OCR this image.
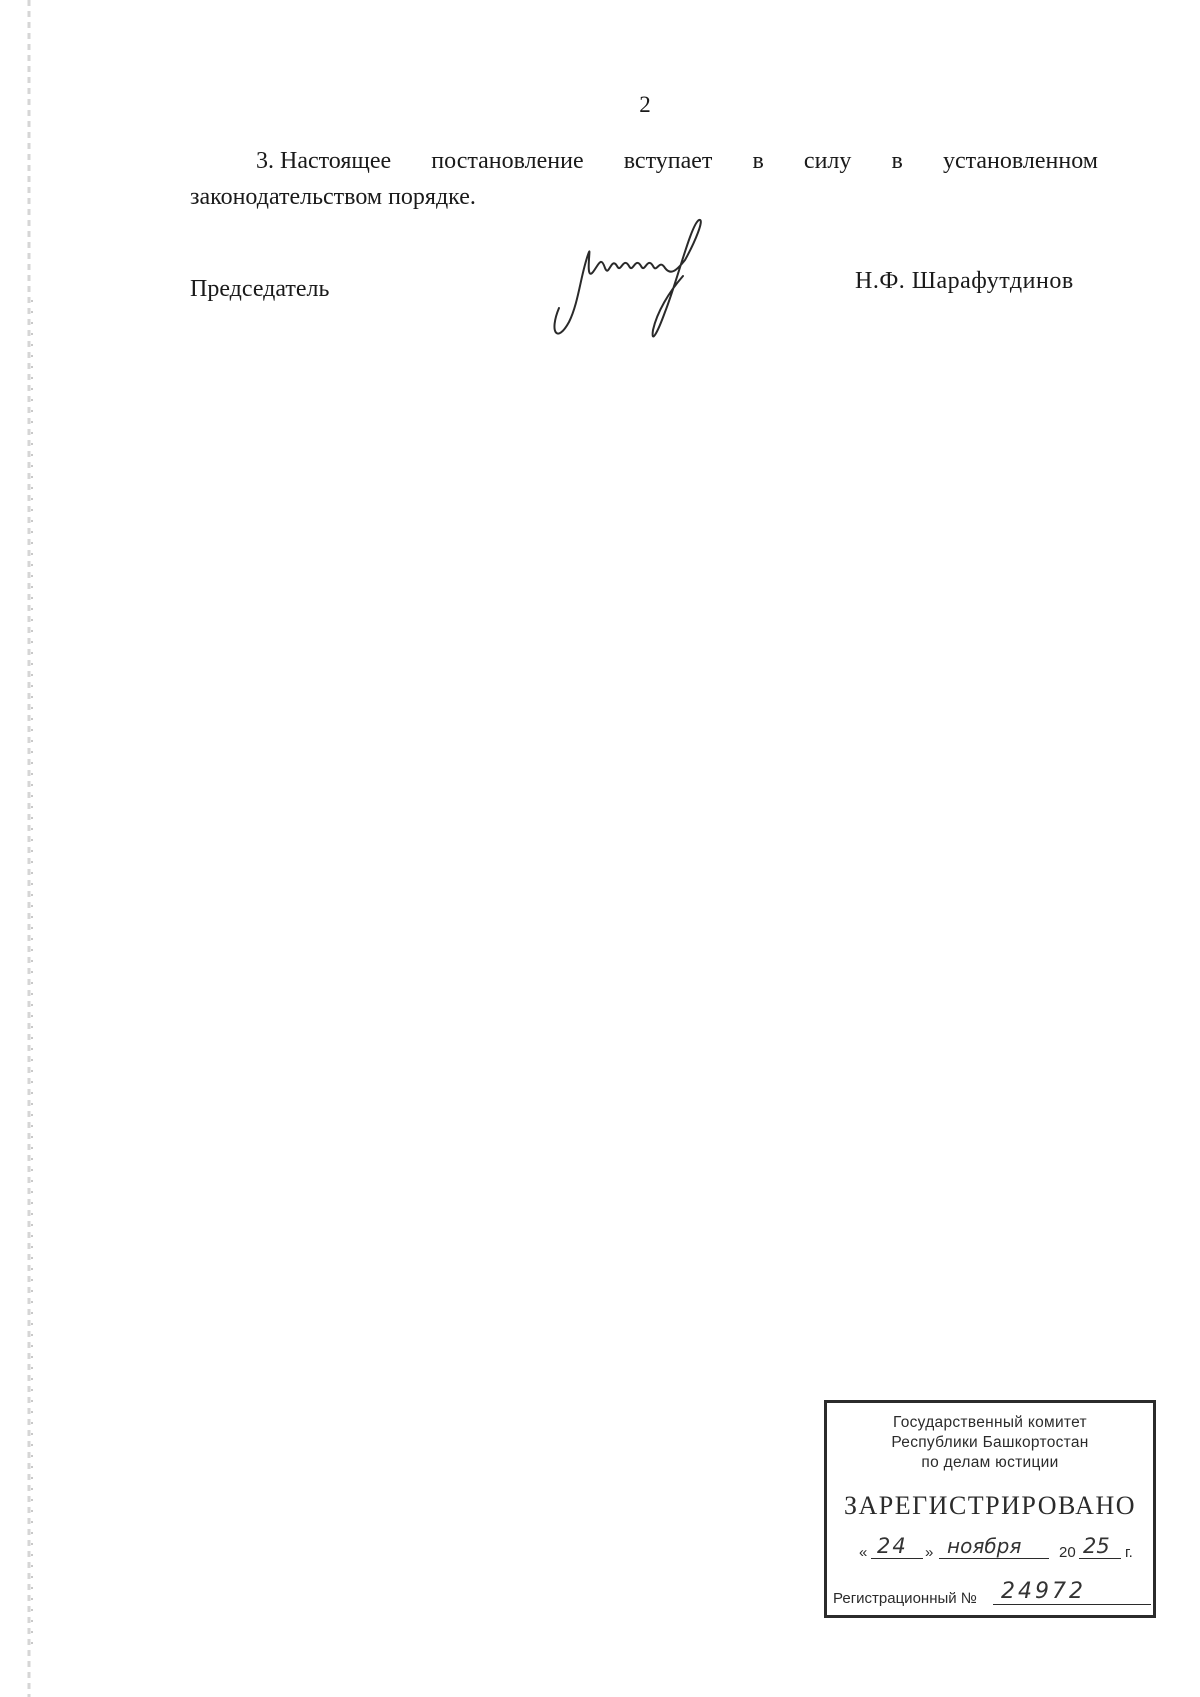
2
3. Настоящее постановление вступает в силу в установленном
законодательством порядке.
Председатель	Н.Ф. Шарафутдинов
Государственный комитет
Республики Башкортостан
по делам юстиции
ЗАРЕГИСТРИРОВАНО
« 24 » ноября	20 25 г.
Регистрационный № 24972
